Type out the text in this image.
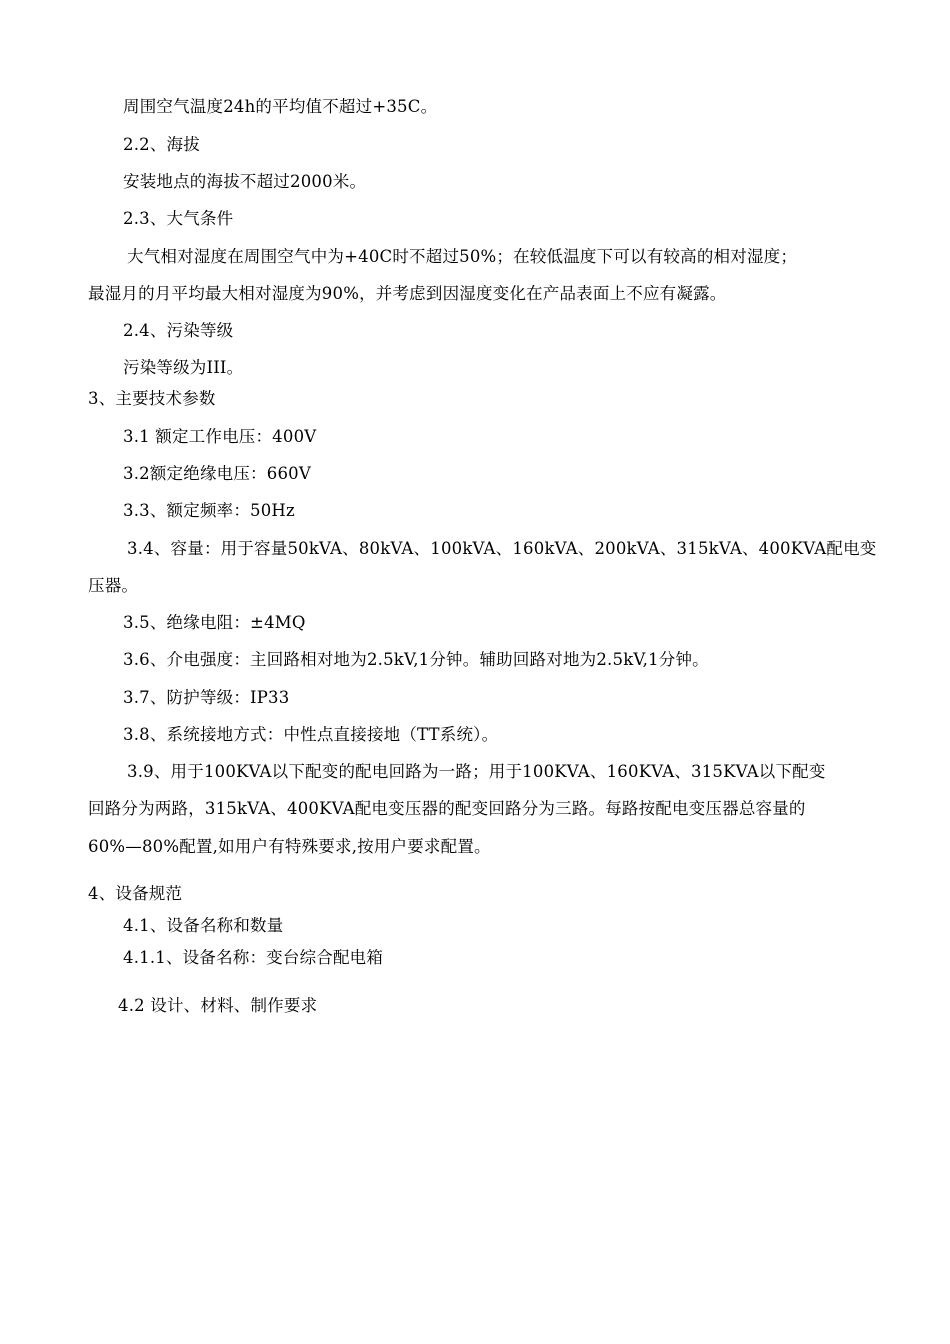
周围空气温度24h的平均值不超过+35C。
2.2、海拔
安装地点的海拔不超过2000米。
2.3、大气条件
大气相对湿度在周围空气中为+40C时不超过50%；在较低温度下可以有较高的相对湿度；
最湿月的月平均最大相对湿度为90%，并考虑到因湿度变化在产品表面上不应有凝露。
2.4、污染等级
污染等级为III。
3、主要技术参数
3.1 额定工作电压：400V
3.2额定绝缘电压：660V
3.3、额定频率：50Hz
3.4、容量：用于容量50kVA、80kVA、100kVA、160kVA、200kVA、315kVA、400KVA配电变
压器。
3.5、绝缘电阻：±4MQ
3.6、介电强度：主回路相对地为2.5kV,1分钟。辅助回路对地为2.5kV,1分钟。
3.7、防护等级：IP33
3.8、系统接地方式：中性点直接接地（TT系统）。
3.9、用于100KVA以下配变的配电回路为一路；用于100KVA、160KVA、315KVA以下配变
回路分为两路，315kVA、400KVA配电变压器的配变回路分为三路。每路按配电变压器总容量的
60%—80%配置,如用户有特殊要求,按用户要求配置。
4、设备规范
4.1、设备名称和数量
4.1.1、设备名称：变台综合配电箱
4.2 设计、材料、制作要求
